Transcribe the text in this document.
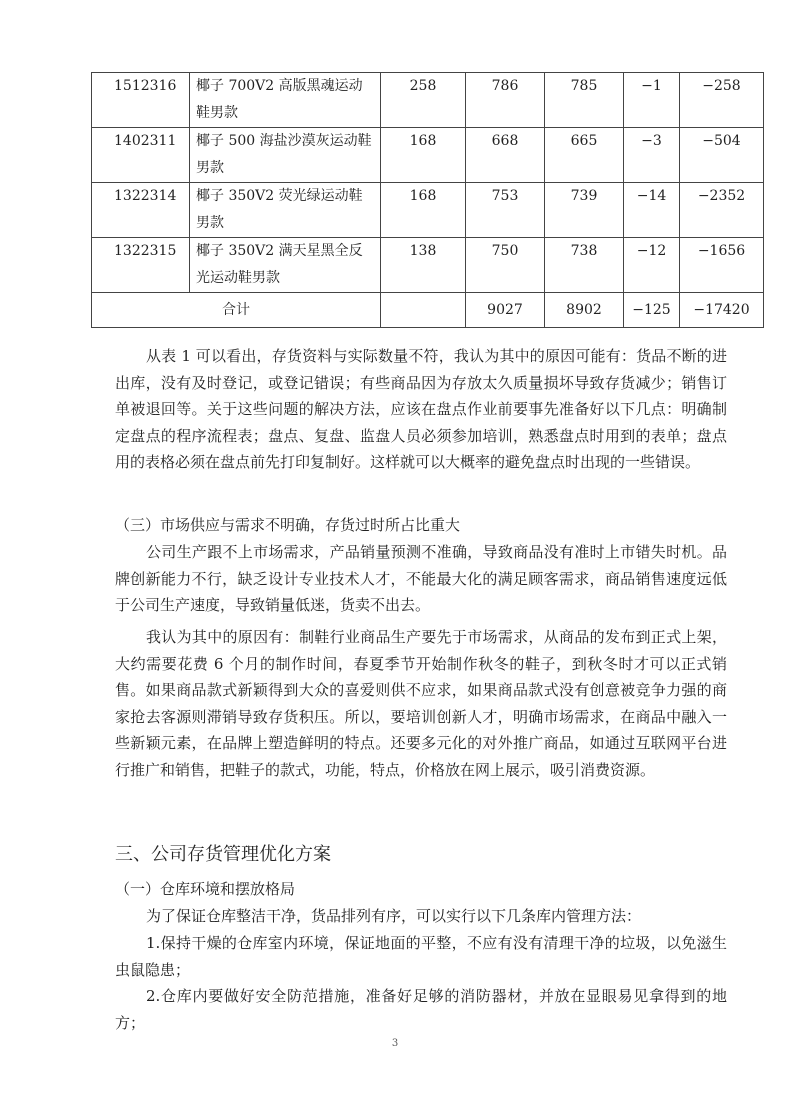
1512316	椰子 700V2 高版黑魂运动鞋男款	258	786	785	−1	−258
1402311	椰子 500 海盐沙漠灰运动鞋男款	168	668	665	−3	−504
1322314	椰子 350V2 荧光绿运动鞋男款	168	753	739	−14	−2352
1322315	椰子 350V2 满天星黑全反光运动鞋男款	138	750	738	−12	−1656
合计			9027	8902	−125	−17420

从表 1 可以看出，存货资料与实际数量不符，我认为其中的原因可能有：货品不断的进出库，没有及时登记，或登记错误；有些商品因为存放太久质量损坏导致存货减少；销售订单被退回等。关于这些问题的解决方法，应该在盘点作业前要事先准备好以下几点：明确制定盘点的程序流程表；盘点、复盘、监盘人员必须参加培训，熟悉盘点时用到的表单；盘点用的表格必须在盘点前先打印复制好。这样就可以大概率的避免盘点时出现的一些错误。

（三）市场供应与需求不明确，存货过时所占比重大

公司生产跟不上市场需求，产品销量预测不准确，导致商品没有准时上市错失时机。品牌创新能力不行，缺乏设计专业技术人才，不能最大化的满足顾客需求，商品销售速度远低于公司生产速度，导致销量低迷，货卖不出去。

我认为其中的原因有：制鞋行业商品生产要先于市场需求，从商品的发布到正式上架，大约需要花费 6 个月的制作时间，春夏季节开始制作秋冬的鞋子，到秋冬时才可以正式销售。如果商品款式新颖得到大众的喜爱则供不应求，如果商品款式没有创意被竞争力强的商家抢去客源则滞销导致存货积压。所以，要培训创新人才，明确市场需求，在商品中融入一些新颖元素，在品牌上塑造鲜明的特点。还要多元化的对外推广商品，如通过互联网平台进行推广和销售，把鞋子的款式，功能，特点，价格放在网上展示，吸引消费资源。

三、公司存货管理优化方案

（一）仓库环境和摆放格局

为了保证仓库整洁干净，货品排列有序，可以实行以下几条库内管理方法：

1.保持干燥的仓库室内环境，保证地面的平整，不应有没有清理干净的垃圾，以免滋生虫鼠隐患；

2.仓库内要做好安全防范措施，准备好足够的消防器材，并放在显眼易见拿得到的地方；

3
